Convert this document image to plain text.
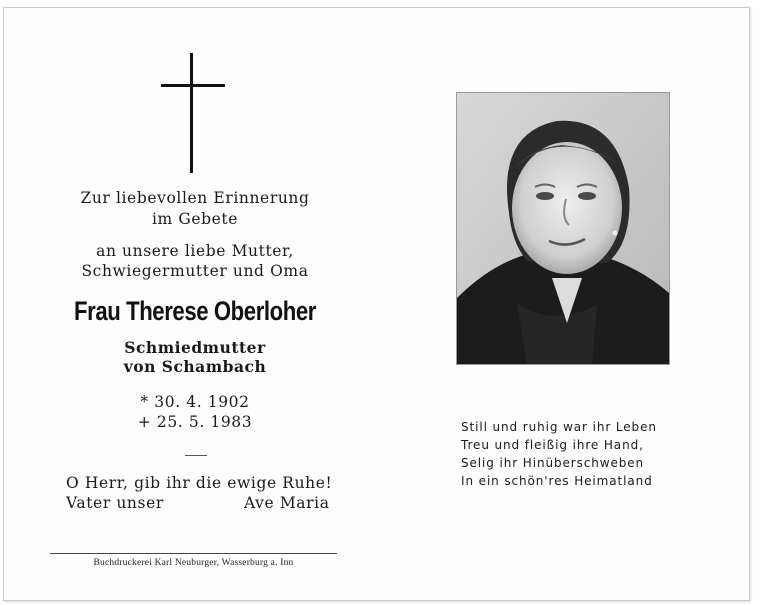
Zur liebevollen Erinnerung
im Gebete
an unsere liebe Mutter,
Schwiegermutter und Oma
Frau Therese Oberloher
Schmiedmutter
von Schambach
* 30. 4. 1902
+ 25. 5. 1983
O Herr, gib ihr die ewige Ruhe!
Vater unser	Ave Maria
Buchdruckerei Karl Neuburger, Wasserburg a. Inn
Still und ruhig war ihr Leben
Treu und fleißig ihre Hand,
Selig ihr Hinüberschweben
In ein schön'res Heimatland
